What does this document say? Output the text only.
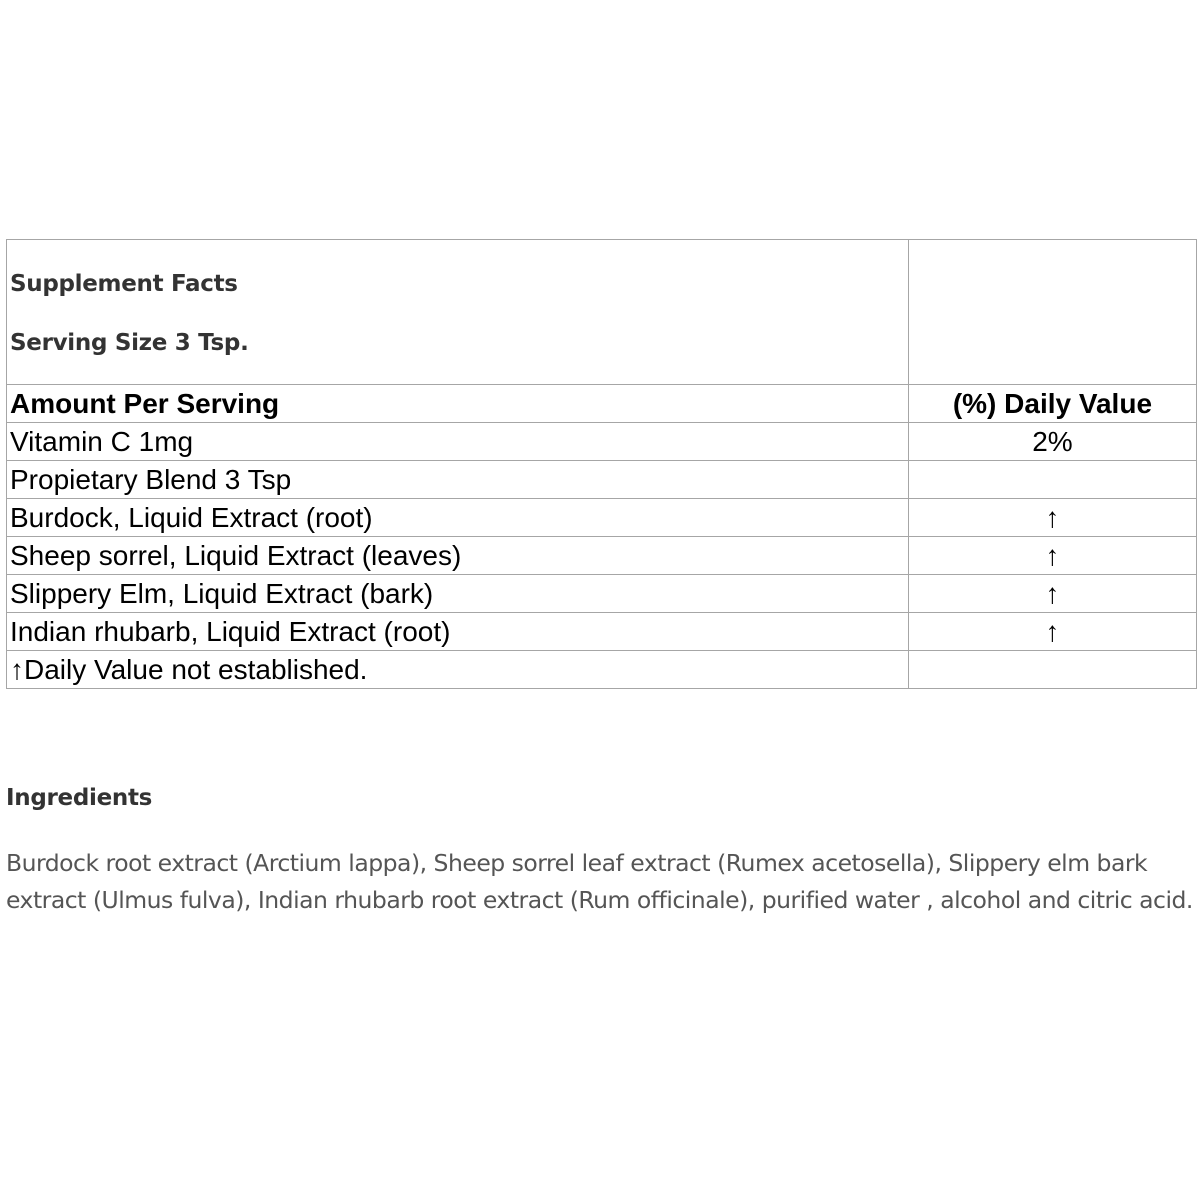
Supplement Facts
Serving Size 3 Tsp.	

Amount Per Serving	(%) Daily Value
Vitamin C 1mg	2%
Propietary Blend 3 Tsp	
Burdock, Liquid Extract (root)	↑
Sheep sorrel, Liquid Extract (leaves)	↑
Slippery Elm, Liquid Extract (bark)	↑
Indian rhubarb, Liquid Extract (root)	↑
↑Daily Value not established.	
Ingredients

Burdock root extract (Arctium lappa), Sheep sorrel leaf extract (Rumex acetosella), Slippery elm bark extract (Ulmus fulva), Indian rhubarb root extract (Rum officinale), purified water , alcohol and citric acid.
